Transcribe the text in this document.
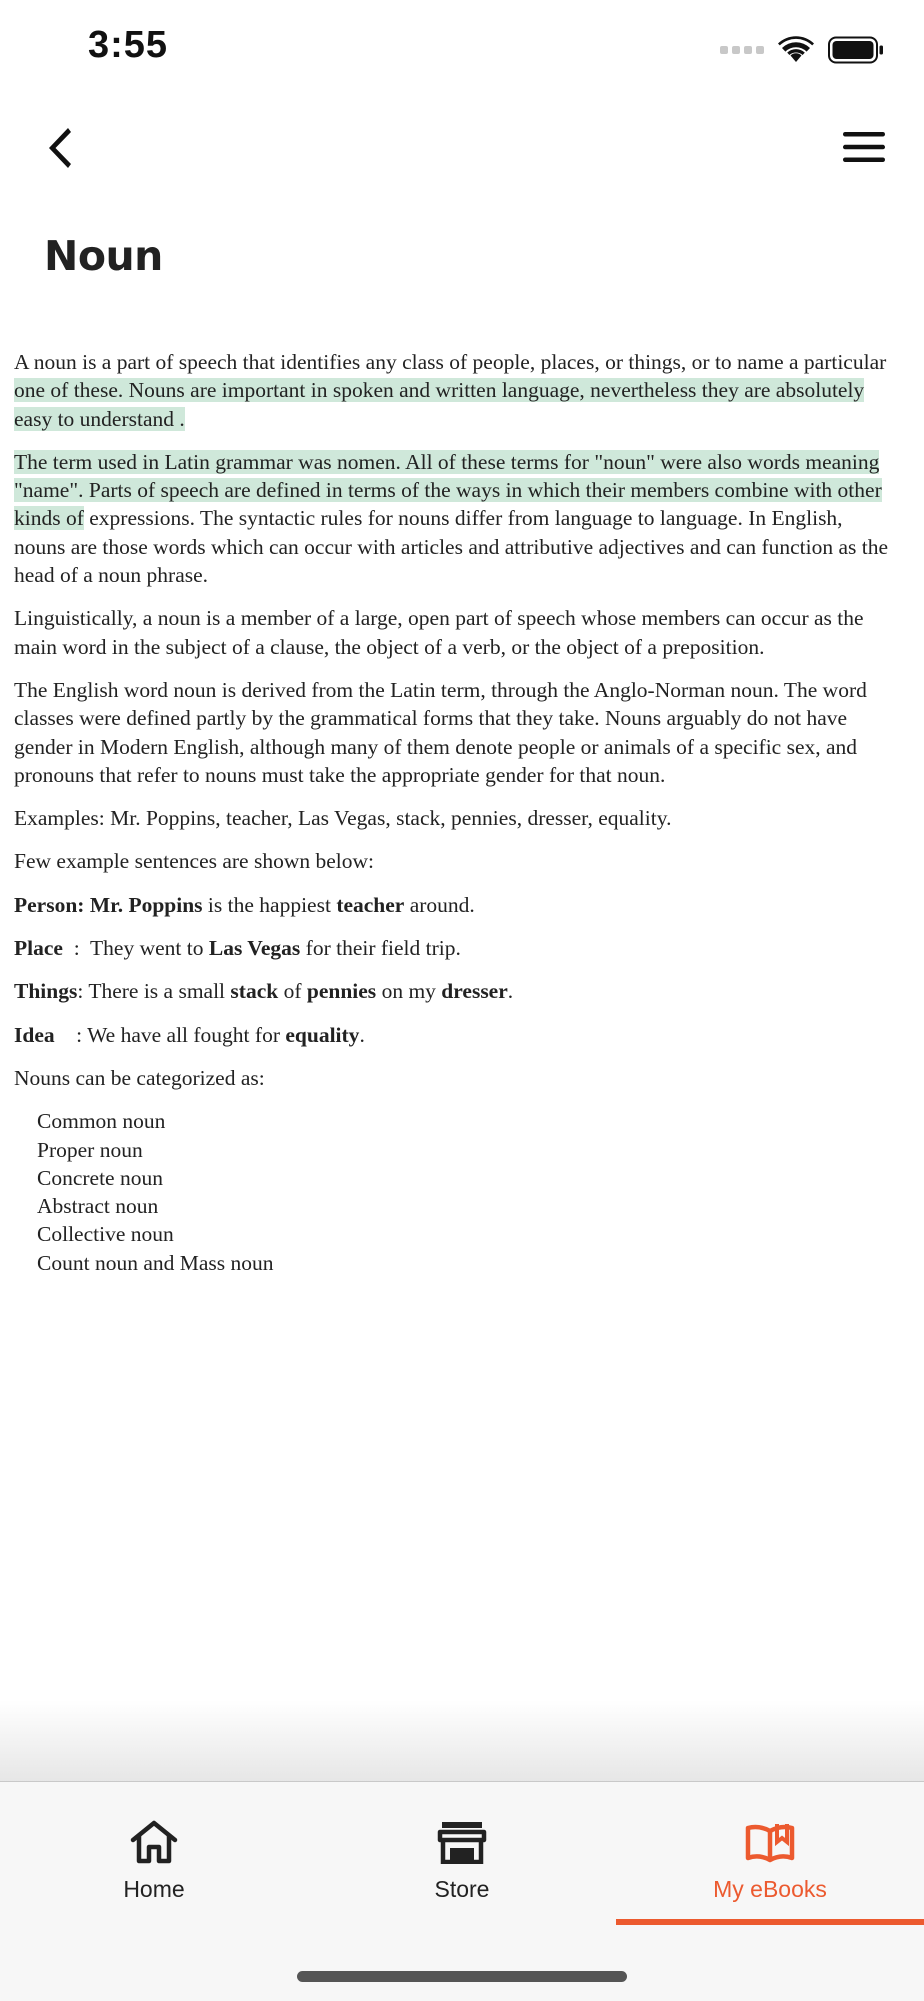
3:55
Noun

A noun is a part of speech that identifies any class of people, places, or things, or to name a particular one of these. Nouns are important in spoken and written language, nevertheless they are absolutely easy to understand .

The term used in Latin grammar was nomen. All of these terms for "noun" were also words meaning "name". Parts of speech are defined in terms of the ways in which their members combine with other kinds of expressions. The syntactic rules for nouns differ from language to language. In English, nouns are those words which can occur with articles and attributive adjectives and can function as the head of a noun phrase.

Linguistically, a noun is a member of a large, open part of speech whose members can occur as the main word in the subject of a clause, the object of a verb, or the object of a preposition.

The English word noun is derived from the Latin term, through the Anglo-Norman noun. The word classes were defined partly by the grammatical forms that they take. Nouns arguably do not have gender in Modern English, although many of them denote people or animals of a specific sex, and pronouns that refer to nouns must take the appropriate gender for that noun.

Examples: Mr. Poppins, teacher, Las Vegas, stack, pennies, dresser, equality.

Few example sentences are shown below:

Person: Mr. Poppins is the happiest teacher around.

Place  :  They went to Las Vegas for their field trip.

Things: There is a small stack of pennies on my dresser.

Idea    : We have all fought for equality.

Nouns can be categorized as:

Common noun
Proper noun
Concrete noun
Abstract noun
Collective noun
Count noun and Mass noun
Home	Store	My eBooks
